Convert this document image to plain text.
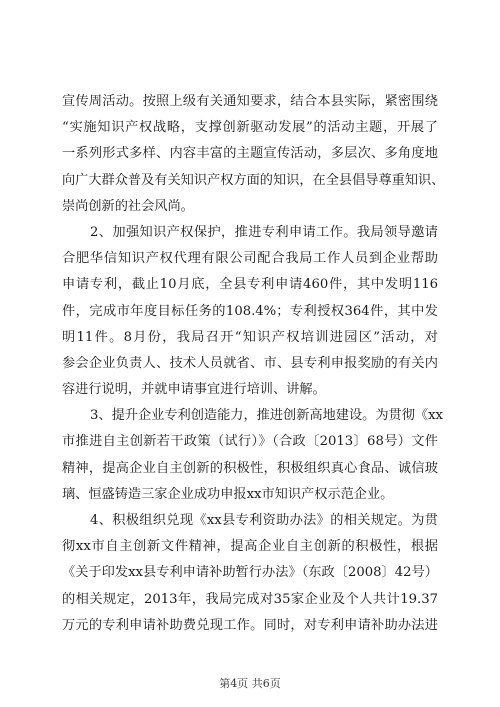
宣传周活动。按照上级有关通知要求，结合本县实际，紧密围绕
“实施知识产权战略，支撑创新驱动发展”的活动主题，开展了
一系列形式多样、内容丰富的主题宣传活动，多层次、多角度地
向广大群众普及有关知识产权方面的知识，在全县倡导尊重知识、
崇尚创新的社会风尚。
2、加强知识产权保护，推进专利申请工作。我局领导邀请
合肥华信知识产权代理有限公司配合我局工作人员到企业帮助
申请专利，截止10月底，全县专利申请460件，其中发明116
件，完成市年度目标任务的108.4%；专利授权364件，其中发
明11件。8月份，我局召开“知识产权培训进园区”活动，对
参会企业负责人、技术人员就省、市、县专利申报奖励的有关内
容进行说明，并就申请事宜进行培训、讲解。
3、提升企业专利创造能力，推进创新高地建设。为贯彻《xx
市推进自主创新若干政策（试行）》（合政〔2013〕68号）文件
精神，提高企业自主创新的积极性，积极组织真心食品、诚信玻
璃、恒盛铸造三家企业成功申报xx市知识产权示范企业。
4、积极组织兑现《xx县专利资助办法》的相关规定。为贯
彻xx市自主创新文件精神，提高企业自主创新的积极性，根据
《关于印发xx县专利申请补助暂行办法》（东政〔2008〕42号）
的相关规定，2013年，我局完成对35家企业及个人共计19.37
万元的专利申请补助费兑现工作。同时，对专利申请补助办法进
第4页 共6页
